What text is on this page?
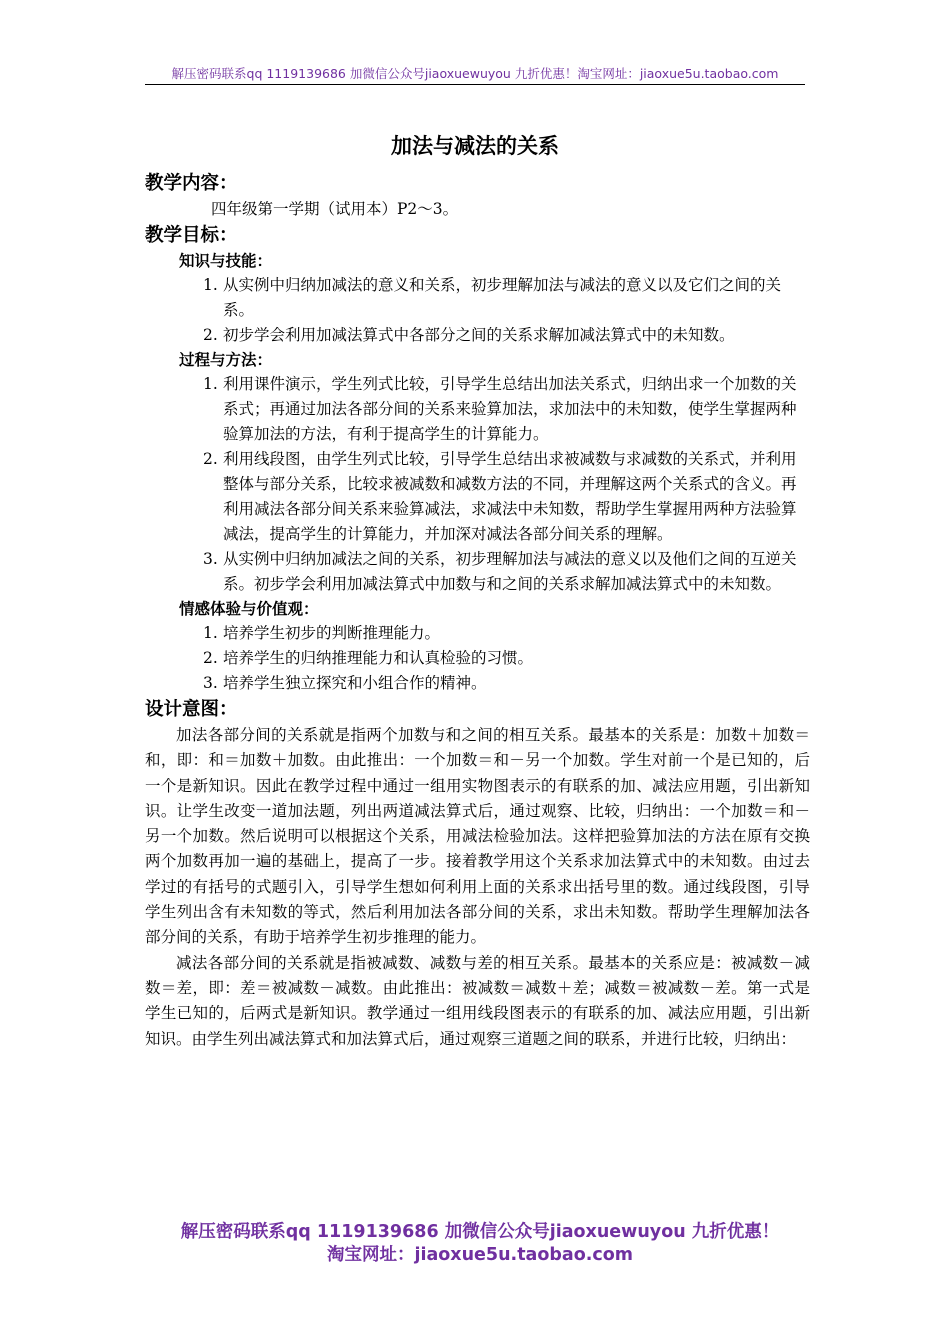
解压密码联系qq 1119139686 加微信公众号jiaoxuewuyou 九折优惠！淘宝网址：jiaoxue5u.taobao.com
加法与减法的关系
教学内容：
四年级第一学期（试用本）P2～3。
教学目标：
知识与技能：
1. 从实例中归纳加减法的意义和关系，初步理解加法与减法的意义以及它们之间的关系。
2. 初步学会利用加减法算式中各部分之间的关系求解加减法算式中的未知数。
过程与方法：
1. 利用课件演示，学生列式比较，引导学生总结出加法关系式，归纳出求一个加数的关系式；再通过加法各部分间的关系来验算加法，求加法中的未知数，使学生掌握两种验算加法的方法，有利于提高学生的计算能力。
2. 利用线段图，由学生列式比较，引导学生总结出求被减数与求减数的关系式，并利用整体与部分关系，比较求被减数和减数方法的不同，并理解这两个关系式的含义。再利用减法各部分间关系来验算减法，求减法中未知数，帮助学生掌握用两种方法验算减法，提高学生的计算能力，并加深对减法各部分间关系的理解。
3. 从实例中归纳加减法之间的关系，初步理解加法与减法的意义以及他们之间的互逆关系。初步学会利用加减法算式中加数与和之间的关系求解加减法算式中的未知数。
情感体验与价值观：
1. 培养学生初步的判断推理能力。
2. 培养学生的归纳推理能力和认真检验的习惯。
3. 培养学生独立探究和小组合作的精神。
设计意图：
加法各部分间的关系就是指两个加数与和之间的相互关系。最基本的关系是：加数＋加数＝和，即：和＝加数＋加数。由此推出：一个加数＝和－另一个加数。学生对前一个是已知的，后一个是新知识。因此在教学过程中通过一组用实物图表示的有联系的加、减法应用题，引出新知识。让学生改变一道加法题，列出两道减法算式后，通过观察、比较，归纳出：一个加数＝和－另一个加数。然后说明可以根据这个关系，用减法检验加法。这样把验算加法的方法在原有交换两个加数再加一遍的基础上，提高了一步。接着教学用这个关系求加法算式中的未知数。由过去学过的有括号的式题引入，引导学生想如何利用上面的关系求出括号里的数。通过线段图，引导学生列出含有未知数的等式，然后利用加法各部分间的关系，求出未知数。帮助学生理解加法各部分间的关系，有助于培养学生初步推理的能力。
减法各部分间的关系就是指被减数、减数与差的相互关系。最基本的关系应是：被减数－减数＝差，即：差＝被减数－减数。由此推出：被减数＝减数＋差；减数＝被减数－差。第一式是学生已知的，后两式是新知识。教学通过一组用线段图表示的有联系的加、减法应用题，引出新知识。由学生列出减法算式和加法算式后，通过观察三道题之间的联系，并进行比较，归纳出：
解压密码联系qq 1119139686 加微信公众号jiaoxuewuyou 九折优惠！
淘宝网址：jiaoxue5u.taobao.com
